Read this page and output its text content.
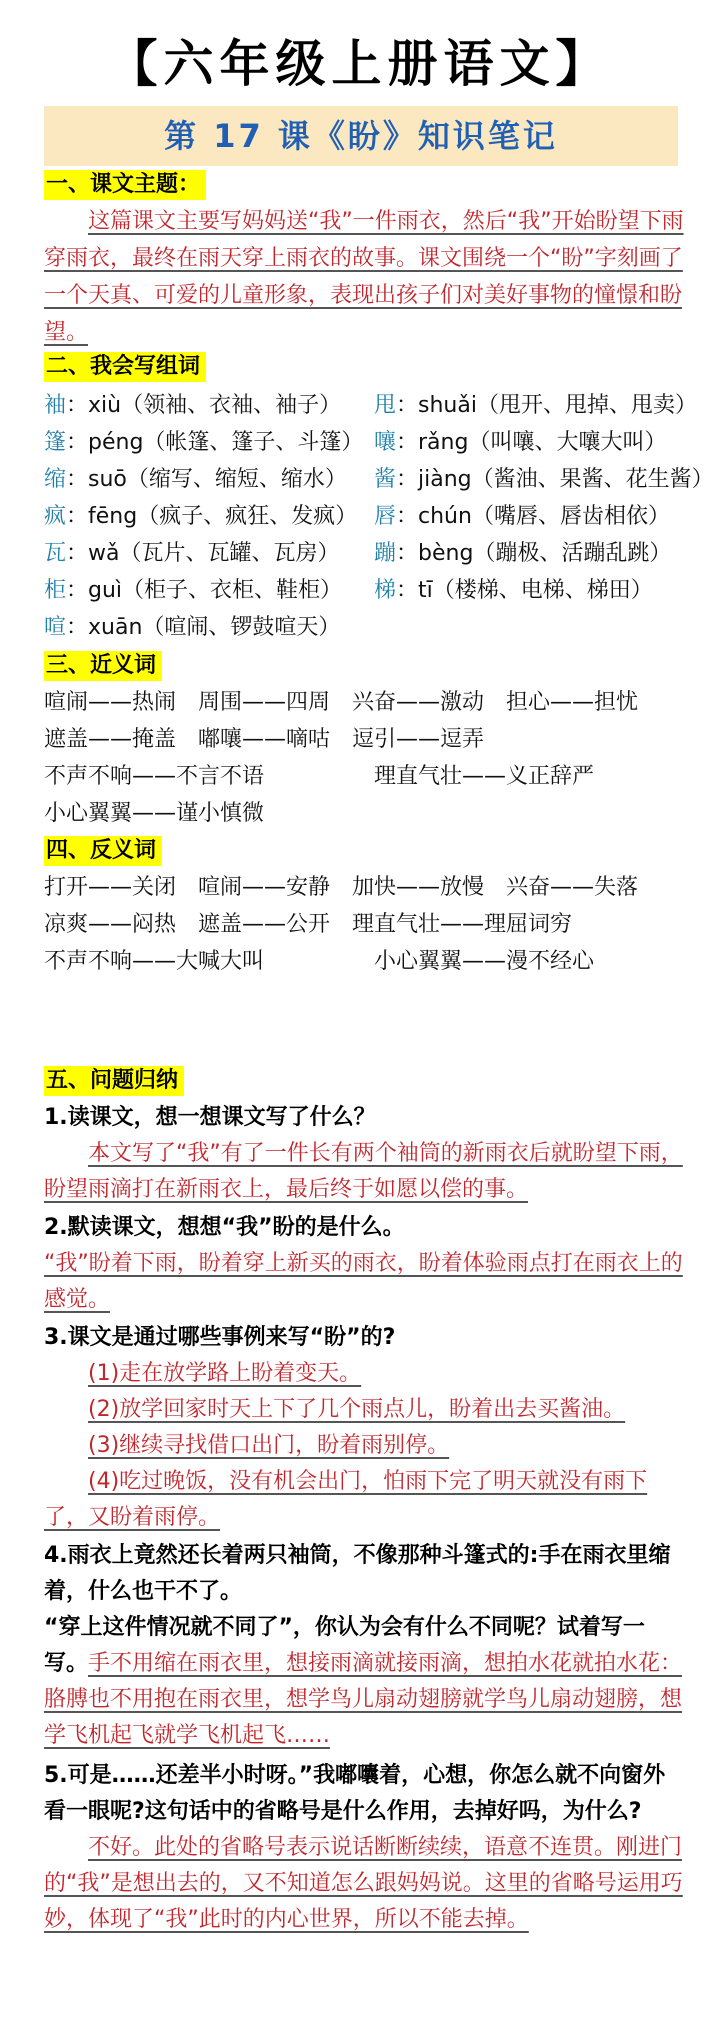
【六年级上册语文】
第 17 课《盼》知识笔记
一、课文主题：

这篇课文主要写妈妈送“我”一件雨衣，然后“我”开始盼望下雨穿雨衣，最终在雨天穿上雨衣的故事。课文围绕一个“盼”字刻画了一个天真、可爱的儿童形象，表现出孩子们对美好事物的憧憬和盼望。

二、我会写组词
袖：xiù（领袖、衣袖、袖子） 甩：shuǎi（甩开、甩掉、甩卖）
篷：péng（帐篷、篷子、斗篷） 嚷：rǎng（叫嚷、大嚷大叫）
缩：suō（缩写、缩短、缩水） 酱：jiàng（酱油、果酱、花生酱）
疯：fēng（疯子、疯狂、发疯） 唇：chún（嘴唇、唇齿相依）
瓦：wǎ（瓦片、瓦罐、瓦房） 蹦：bèng（蹦极、活蹦乱跳）
柜：guì（柜子、衣柜、鞋柜） 梯：tī（楼梯、电梯、梯田）
喧：xuān（喧闹、锣鼓喧天）
三、近义词
喧闹——热闹　周围——四周　兴奋——激动　担心——担忧
遮盖——掩盖　嘟嚷——嘀咕　逗引——逗弄
不声不响——不言不语　　　　　理直气壮——义正辞严
小心翼翼——谨小慎微
四、反义词
打开——关闭　喧闹——安静　加快——放慢　兴奋——失落
凉爽——闷热　遮盖——公开　理直气壮——理屈词穷
不声不响——大喊大叫　　　　　小心翼翼——漫不经心
五、问题归纳

1.读课文，想一想课文写了什么？

本文写了“我”有了一件长有两个袖筒的新雨衣后就盼望下雨，盼望雨滴打在新雨衣上，最后终于如愿以偿的事。

2.默读课文，想想“我”盼的是什么。

“我”盼着下雨，盼着穿上新买的雨衣，盼着体验雨点打在雨衣上的感觉。

3.课文是通过哪些事例来写“盼”的?

(1)走在放学路上盼着变天。

(2)放学回家时天上下了几个雨点儿，盼着出去买酱油。

(3)继续寻找借口出门，盼着雨别停。

(4)吃过晚饭，没有机会出门，怕雨下完了明天就没有雨下了，又盼着雨停。

4.雨衣上竟然还长着两只袖筒，不像那种斗篷式的:手在雨衣里缩着，什么也干不了。

“穿上这件情况就不同了”，你认为会有什么不同呢？试着写一写。 手不用缩在雨衣里，想接雨滴就接雨滴，想拍水花就拍水花：胳膊也不用抱在雨衣里，想学鸟儿扇动翅膀就学鸟儿扇动翅膀，想学飞机起飞就学飞机起飞……

5.可是……还差半小时呀。”我嘟囔着，心想，你怎么就不向窗外看一眼呢?这句话中的省略号是什么作用，去掉好吗，为什么?

不好。此处的省略号表示说话断断续续，语意不连贯。刚进门的“我”是想出去的，又不知道怎么跟妈妈说。这里的省略号运用巧妙，体现了“我”此时的内心世界，所以不能去掉。
